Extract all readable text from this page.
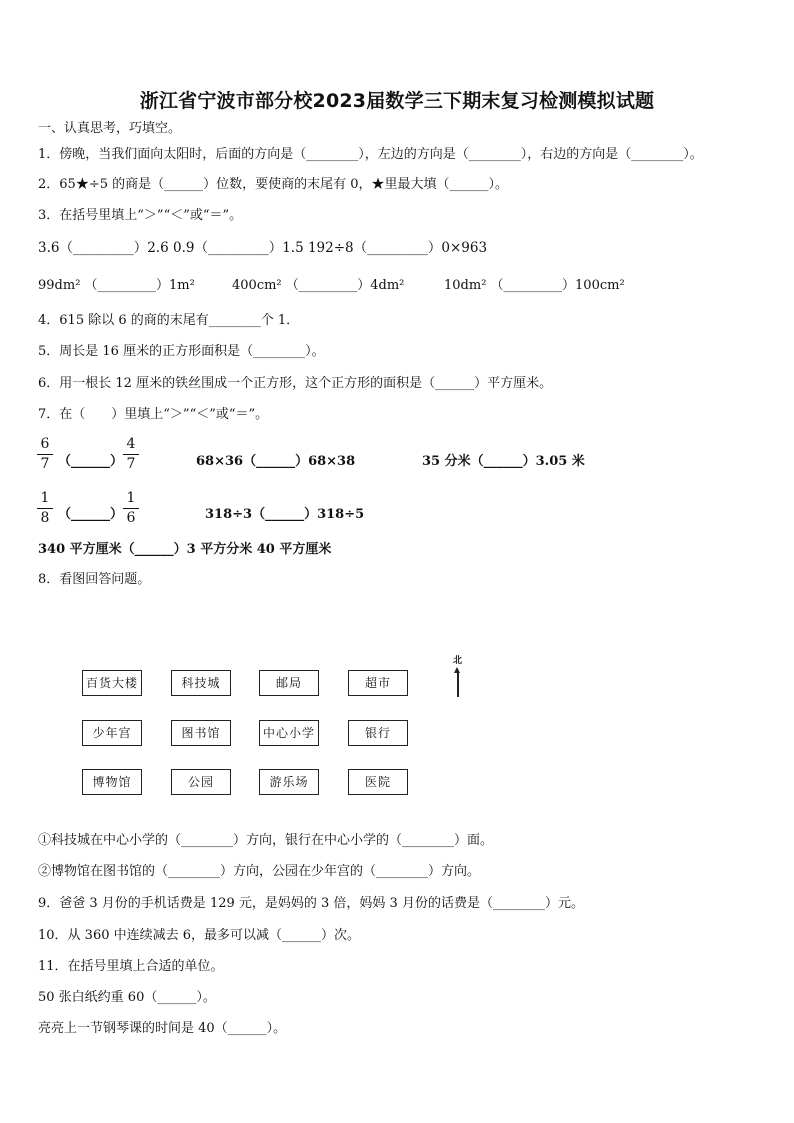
浙江省宁波市部分校2023届数学三下期末复习检测模拟试题
一、认真思考，巧填空。
1．傍晚，当我们面向太阳时，后面的方向是（________），左边的方向是（________），右边的方向是（________）。
2．65★÷5 的商是（______）位数，要使商的末尾有 0，★里最大填（______）。
3．在括号里填上“＞”“＜”或“＝”。
3.6（_________）2.6 0.9（_________）1.5 192÷8（_________）0×963
99dm² （_________）1m²	400cm² （_________）4dm²	10dm² （_________）100cm²
4．615 除以 6 的商的末尾有________个 1．
5．周长是 16 厘米的正方形面积是（________）。
6．用一根长 12 厘米的铁丝围成一个正方形，这个正方形的面积是（______）平方厘米。
7．在（　　）里填上“＞”“＜”或“＝”。
6
7 （______）
4
7	68×36（______）68×38	35 分米（______）3.05 米
1
8 （______）
1
6	318÷3（______）318÷5
340 平方厘米（______）3 平方分米 40 平方厘米
8．看图回答问题。
百货大楼	科技城	邮局	超市
少年宫	图书馆	中心小学	银行
博物馆	公园	游乐场	医院
北
①科技城在中心小学的（________）方向，银行在中心小学的（________）面。
②博物馆在图书馆的（________）方向，公园在少年宫的（________）方向。
9．爸爸 3 月份的手机话费是 129 元，是妈妈的 3 倍，妈妈 3 月份的话费是（________）元。
10．从 360 中连续减去 6，最多可以减（______）次。
11．在括号里填上合适的单位。
50 张白纸约重 60（______）。
亮亮上一节钢琴课的时间是 40（______）。
